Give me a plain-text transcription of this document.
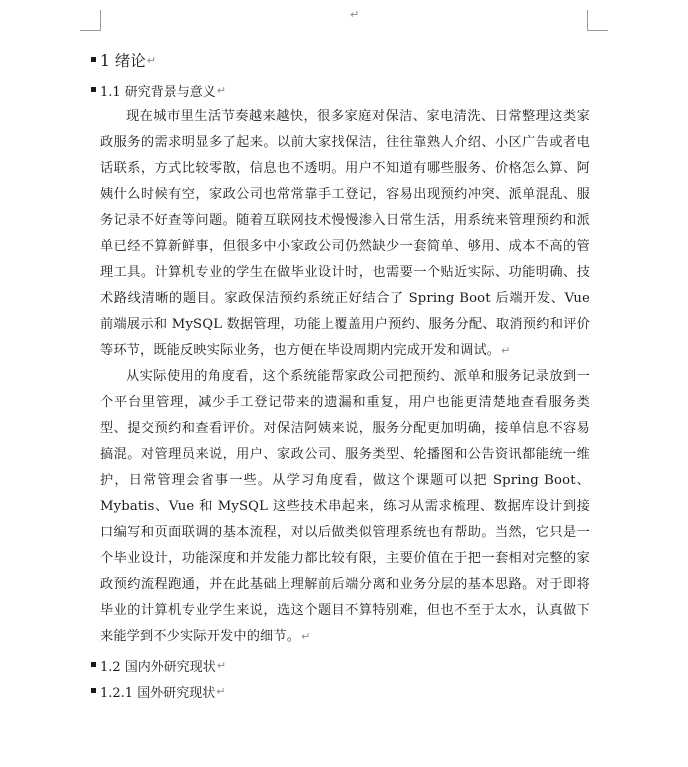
↵
1 绪论 ↵
1.1 研究背景与意义 ↵

现在城市里生活节奏越来越快，很多家庭对保洁、家电清洗、日常整理这类家政服务的需求明显多了起来。以前大家找保洁，往往靠熟人介绍、小区广告或者电话联系，方式比较零散，信息也不透明。用户不知道有哪些服务、价格怎么算、阿姨什么时候有空，家政公司也常常靠手工登记，容易出现预约冲突、派单混乱、服务记录不好查等问题。随着互联网技术慢慢渗入日常生活，用系统来管理预约和派单已经不算新鲜事，但很多中小家政公司仍然缺少一套简单、够用、成本不高的管理工具。计算机专业的学生在做毕业设计时，也需要一个贴近实际、功能明确、技术路线清晰的题目。家政保洁预约系统正好结合了 Spring Boot 后端开发、Vue 前端展示和 MySQL 数据管理，功能上覆盖用户预约、服务分配、取消预约和评价等环节，既能反映实际业务，也方便在毕设周期内完成开发和调试。↵

从实际使用的角度看，这个系统能帮家政公司把预约、派单和服务记录放到一个平台里管理，减少手工登记带来的遗漏和重复，用户也能更清楚地查看服务类型、提交预约和查看评价。对保洁阿姨来说，服务分配更加明确，接单信息不容易搞混。对管理员来说，用户、家政公司、服务类型、轮播图和公告资讯都能统一维护，日常管理会省事一些。从学习角度看，做这个课题可以把 Spring Boot、Mybatis、Vue 和 MySQL 这些技术串起来，练习从需求梳理、数据库设计到接口编写和页面联调的基本流程，对以后做类似管理系统也有帮助。当然，它只是一个毕业设计，功能深度和并发能力都比较有限，主要价值在于把一套相对完整的家政预约流程跑通，并在此基础上理解前后端分离和业务分层的基本思路。对于即将毕业的计算机专业学生来说，选这个题目不算特别难，但也不至于太水，认真做下来能学到不少实际开发中的细节。↵

1.2 国内外研究现状 ↵
1.2.1 国外研究现状 ↵
